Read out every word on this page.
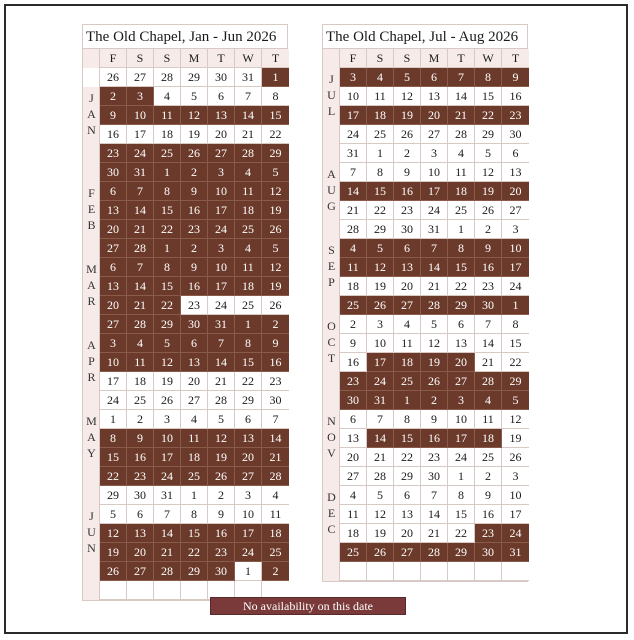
The Old Chapel, Jan - Jun 2026
F	S	S	M	T	W	T
26	27	28	29	30	31	1
J
A
N
2	3	4	5	6	7	8
9	10	11	12	13	14	15
16	17	18	19	20	21	22
23	24	25	26	27	28	29
30	31	1	2	3	4	5
F
E
B
6	7	8	9	10	11	12
13	14	15	16	17	18	19
20	21	22	23	24	25	26
27	28	1	2	3	4	5
M
A
R
6	7	8	9	10	11	12
13	14	15	16	17	18	19
20	21	22	23	24	25	26
27	28	29	30	31	1	2
A
P
R
3	4	5	6	7	8	9
10	11	12	13	14	15	16
17	18	19	20	21	22	23
24	25	26	27	28	29	30
M
A
Y
1	2	3	4	5	6	7
8	9	10	11	12	13	14
15	16	17	18	19	20	21
22	23	24	25	26	27	28
29	30	31	1	2	3	4
J
U
N
5	6	7	8	9	10	11
12	13	14	15	16	17	18
19	20	21	22	23	24	25
26	27	28	29	30	1	2
The Old Chapel, Jul - Aug 2026
F	S	S	M	T	W	T
J
U
L
3	4	5	6	7	8	9
10	11	12	13	14	15	16
17	18	19	20	21	22	23
24	25	26	27	28	29	30
31	1	2	3	4	5	6
A
U
G
7	8	9	10	11	12	13
14	15	16	17	18	19	20
21	22	23	24	25	26	27
28	29	30	31	1	2	3
S
E
P
4	5	6	7	8	9	10
11	12	13	14	15	16	17
18	19	20	21	22	23	24
25	26	27	28	29	30	1
O
C
T
2	3	4	5	6	7	8
9	10	11	12	13	14	15
16	17	18	19	20	21	22
23	24	25	26	27	28	29
30	31	1	2	3	4	5
N
O
V
6	7	8	9	10	11	12
13	14	15	16	17	18	19
20	21	22	23	24	25	26
27	28	29	30	1	2	3
D
E
C
4	5	6	7	8	9	10
11	12	13	14	15	16	17
18	19	20	21	22	23	24
25	26	27	28	29	30	31
No availability on this date
